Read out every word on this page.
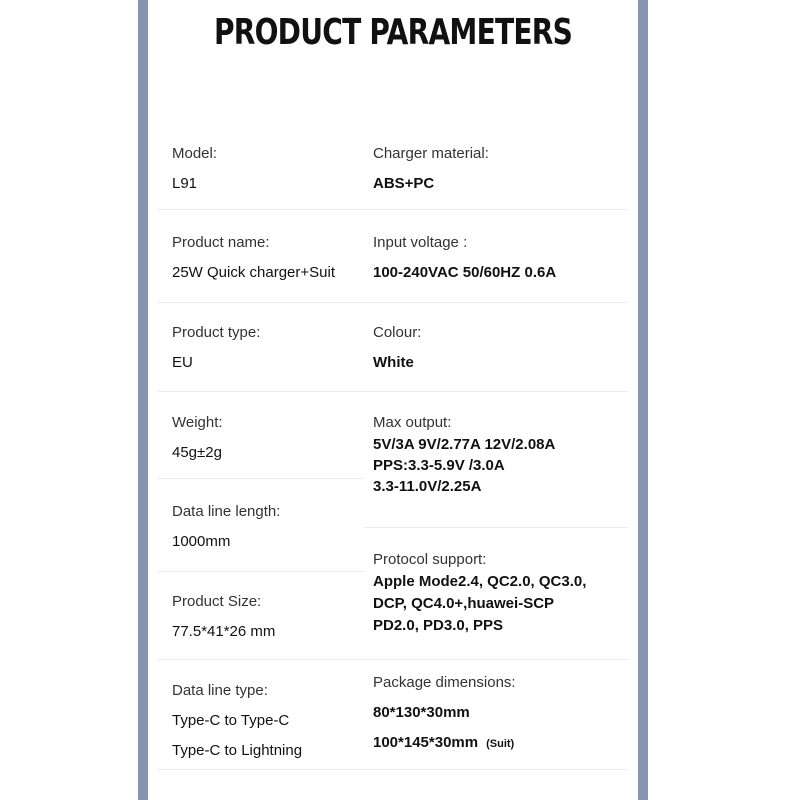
PRODUCT PARAMETERS
Model:
L91
Product name:
25W Quick charger+Suit
Product type:
EU
Weight:
45g±2g
Data line length:
1000mm
Product Size:
77.5*41*26 mm
Data line type:
Type-C to Type-C
Type-C to Lightning
Charger material:
ABS+PC
Input voltage :
100-240VAC 50/60HZ 0.6A
Colour:
White
Max output:
5V/3A 9V/2.77A 12V/2.08A
PPS:3.3-5.9V /3.0A
3.3-11.0V/2.25A
Protocol support:
Apple Mode2.4, QC2.0, QC3.0,
DCP, QC4.0+,huawei-SCP
PD2.0, PD3.0, PPS
Package dimensions:
80*130*30mm
100*145*30mm (Suit)
